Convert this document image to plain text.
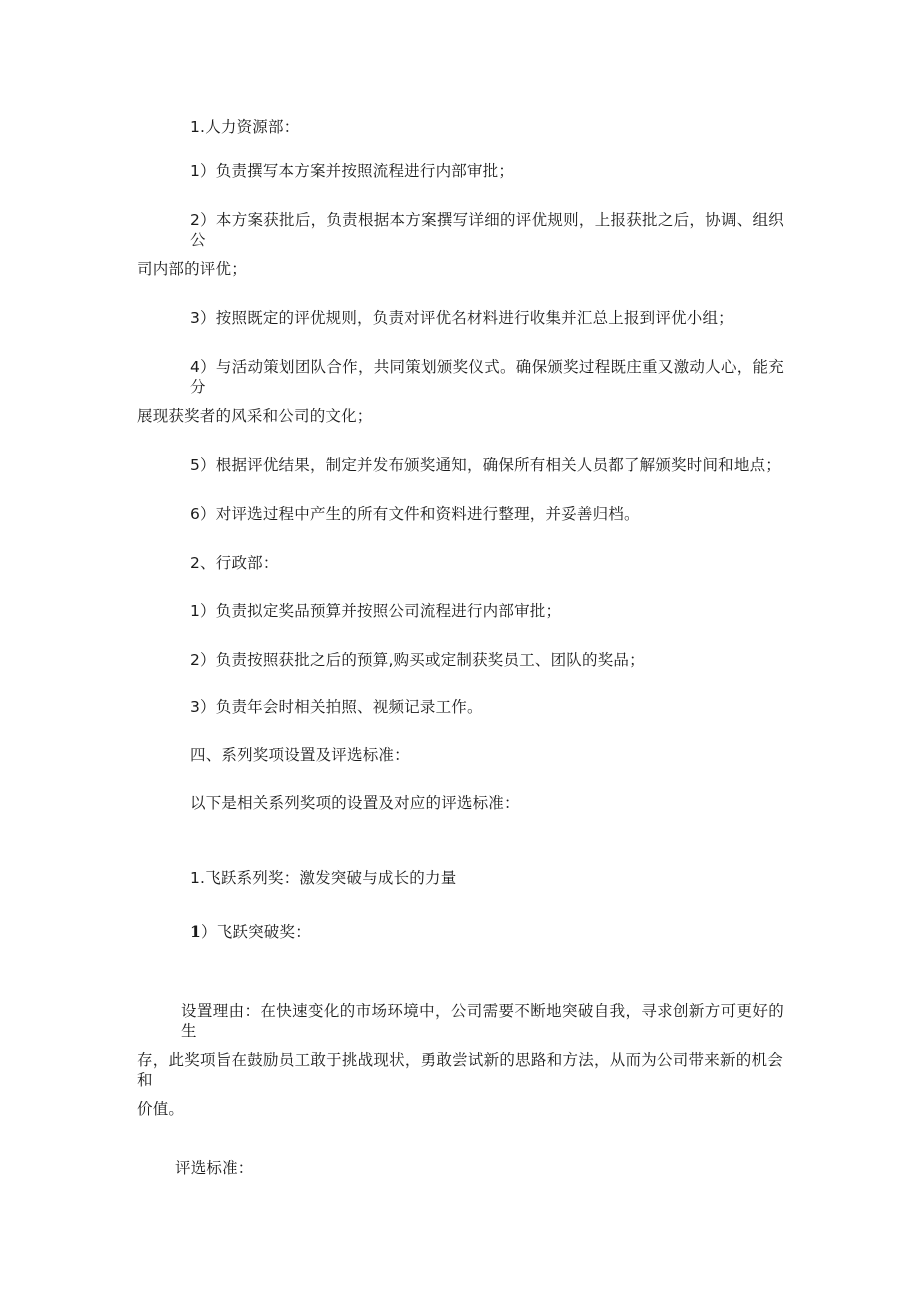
1.人力资源部：
1）负责撰写本方案并按照流程进行内部审批；
2）本方案获批后，负责根据本方案撰写详细的评优规则，上报获批之后，协调、组织公
司内部的评优；
3）按照既定的评优规则，负责对评优名材料进行收集并汇总上报到评优小组；
4）与活动策划团队合作，共同策划颁奖仪式。确保颁奖过程既庄重又激动人心，能充分
展现获奖者的风采和公司的文化；
5）根据评优结果，制定并发布颁奖通知，确保所有相关人员都了解颁奖时间和地点；
6）对评选过程中产生的所有文件和资料进行整理，并妥善归档。
2、行政部：
1）负责拟定奖品预算并按照公司流程进行内部审批；
2）负责按照获批之后的预算,购买或定制获奖员工、团队的奖品；
3）负责年会时相关拍照、视频记录工作。
四、系列奖项设置及评选标准：
以下是相关系列奖项的设置及对应的评选标准：
1.飞跃系列奖：激发突破与成长的力量
1）飞跃突破奖：
设置理由：在快速变化的市场环境中，公司需要不断地突破自我，寻求创新方可更好的生
存，此奖项旨在鼓励员工敢于挑战现状，勇敢尝试新的思路和方法，从而为公司带来新的机会和
价值。
评选标准：
